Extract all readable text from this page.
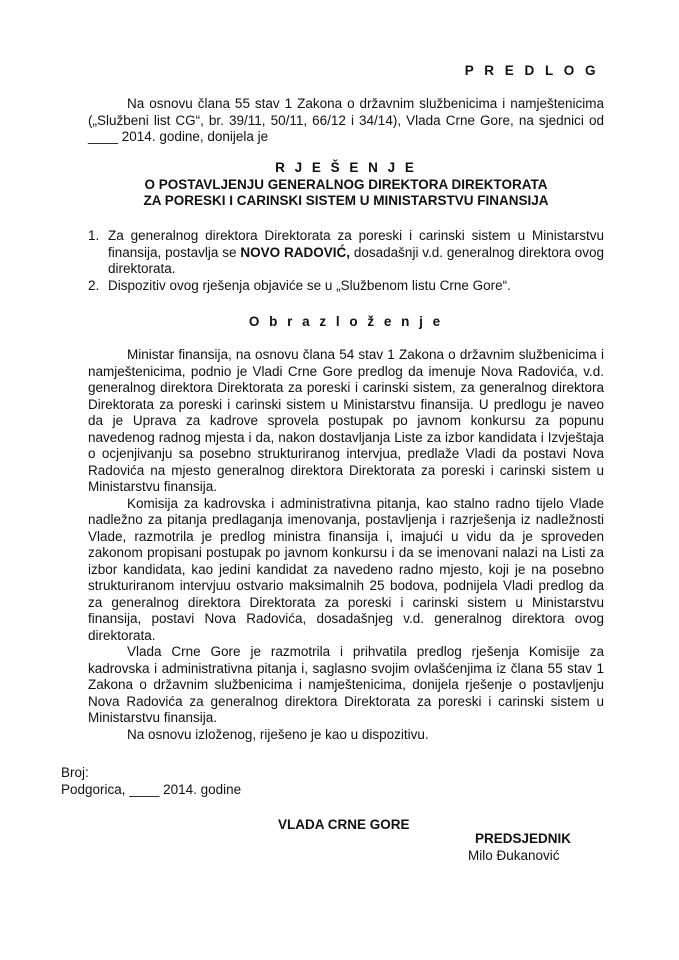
P R E D L O G

Na osnovu člana 55 stav 1 Zakona o državnim službenicima i namještenicima („Službeni list CG“, br. 39/11, 50/11, 66/12 i 34/14), Vlada Crne Gore, na sjednici od ____ 2014. godine, donijela je

R J E Š E N J E
O POSTAVLJENJU GENERALNOG DIREKTORA DIREKTORATA
ZA PORESKI I CARINSKI SISTEM U MINISTARSTVU FINANSIJA
1. Za generalnog direktora Direktorata za poreski i carinski sistem u Ministarstvu finansija, postavlja se NOVO RADOVIĆ, dosadašnji v.d. generalnog direktora ovog direktorata.
2. Dispozitiv ovog rješenja objaviće se u „Službenom listu Crne Gore“.
O b r a z l o ž e n j e

Ministar finansija, na osnovu člana 54 stav 1 Zakona o državnim službenicima i namještenicima, podnio je Vladi Crne Gore predlog da imenuje Nova Radovića, v.d. generalnog direktora Direktorata za poreski i carinski sistem, za generalnog direktora Direktorata za poreski i carinski sistem u Ministarstvu finansija. U predlogu je naveo da je Uprava za kadrove sprovela postupak po javnom konkursu za popunu navedenog radnog mjesta i da, nakon dostavljanja Liste za izbor kandidata i Izvještaja o ocjenjivanju sa posebno strukturiranog intervjua, predlaže Vladi da postavi Nova Radovića na mjesto generalnog direktora Direktorata za poreski i carinski sistem u Ministarstvu finansija.

Komisija za kadrovska i administrativna pitanja, kao stalno radno tijelo Vlade nadležno za pitanja predlaganja imenovanja, postavljenja i razrješenja iz nadležnosti Vlade, razmotrila je predlog ministra finansija i, imajući u vidu da je sproveden zakonom propisani postupak po javnom konkursu i da se imenovani nalazi na Listi za izbor kandidata, kao jedini kandidat za navedeno radno mjesto, koji je na posebno strukturiranom intervjuu ostvario maksimalnih 25 bodova, podnijela Vladi predlog da za generalnog direktora Direktorata za poreski i carinski sistem u Ministarstvu finansija, postavi Nova Radovića, dosadašnjeg v.d. generalnog direktora ovog direktorata.

Vlada Crne Gore je razmotrila i prihvatila predlog rješenja Komisije za kadrovska i administrativna pitanja i, saglasno svojim ovlašćenjima iz člana 55 stav 1 Zakona o državnim službenicima i namještenicima, donijela rješenje o postavljenju Nova Radovića za generalnog direktora Direktorata za poreski i carinski sistem u Ministarstvu finansija.

Na osnovu izloženog, riješeno je kao u dispozitivu.

Broj:
Podgorica, ____ 2014. godine
VLADA CRNE GORE
PREDSJEDNIK
Milo Đukanović
